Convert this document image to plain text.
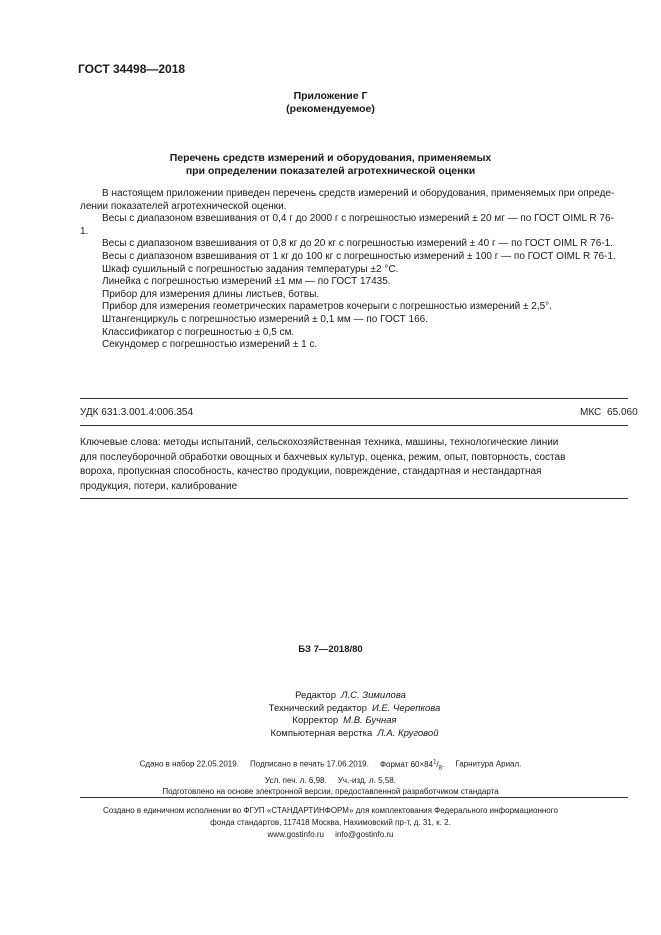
ГОСТ 34498—2018
Приложение Г
(рекомендуемое)
Перечень средств измерений и оборудования, применяемых
при определении показателей агротехнической оценки

В настоящем приложении приведен перечень средств измерений и оборудования, применяемых при опреде-

лении показателей агротехнической оценки.

Весы с диапазоном взвешивания от 0,4 г до 2000 г с погрешностью измерений ± 20 мг — по ГОСТ OIML R 76-1.

Весы с диапазоном взвешивания от 0,8 кг до 20 кг с погрешностью измерений ± 40 г — по ГОСТ OIML R 76-1.

Весы с диапазоном взвешивания от 1 кг до 100 кг с погрешностью измерений ± 100 г — по ГОСТ OIML R 76-1.

Шкаф сушильный с погрешностью задания температуры ±2 °С.

Линейка с погрешностью измерений ±1 мм — по ГОСТ 17435.

Прибор для измерения длины листьев, ботвы.

Прибор для измерения геометрических параметров кочерыги с погрешностью измерений ± 2,5°.

Штангенциркуль с погрешностью измерений ± 0,1 мм — по ГОСТ 166.

Классификатор с погрешностью ± 0,5 см.

Секундомер с погрешностью измерений ± 1 с.

УДК 631.3.001.4:006.354	МКС 65.060
Ключевые слова: методы испытаний, сельскохозяйственная техника, машины, технологические линии
для послеуборочной обработки овощных и бахчевых культур, оценка, режим, опыт, повторность, состав
вороха, пропускная способность, качество продукции, повреждение, стандартная и нестандартная
продукция, потери, калибрование
БЗ 7—2018/80
Редактор Л.С. Зимилова
Технический редактор И.Е. Черепкова
Корректор М.В. Бучная
Компьютерная верстка Л.А. Круговой
Сдано в набор 22.05.2019. Подписано в печать 17.06.2019. Формат $60\times 84^1/_8$.     Гарнитура Ариал.
Усл. печ. л. 6,98. Уч.-изд. л. 5,58.
Подготовлено на основе электронной версии, предоставленной разработчиком стандарта
Создано в единичном исполнении во ФГУП «СТАНДАРТИНФОРМ» для комплектования Федерального информационного
фонда стандартов, 117418 Москва, Нахимовский пр-т, д. 31, к. 2.
www.gostinfo.ru info@gostinfo.ru
